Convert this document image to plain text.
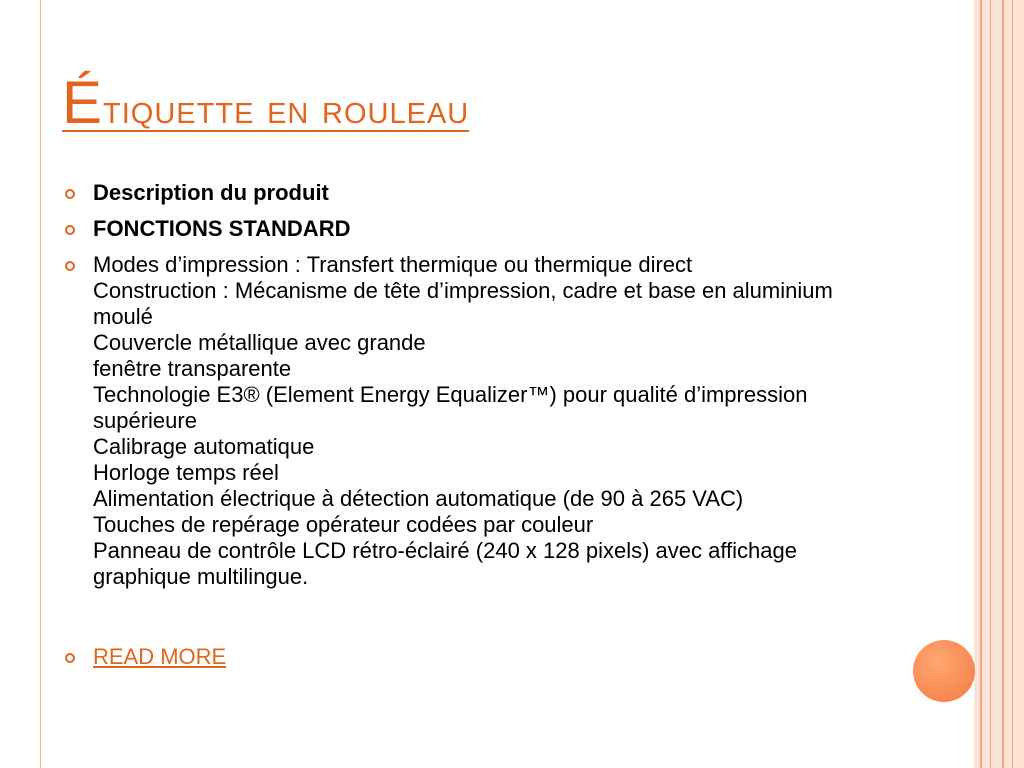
Étiquette en rouleau
Description du produit
FONCTIONS STANDARD
Modes d’impression : Transfert thermique ou thermique direct
Construction : Mécanisme de tête d’impression, cadre et base en aluminium moulé
Couvercle métallique avec grande
fenêtre transparente
Technologie E3® (Element Energy Equalizer™) pour qualité d’impression supérieure
Calibrage automatique
Horloge temps réel
Alimentation électrique à détection automatique (de 90 à 265 VAC)
Touches de repérage opérateur codées par couleur
Panneau de contrôle LCD rétro-éclairé (240 x 128 pixels) avec affichage graphique multilingue.
READ MORE
